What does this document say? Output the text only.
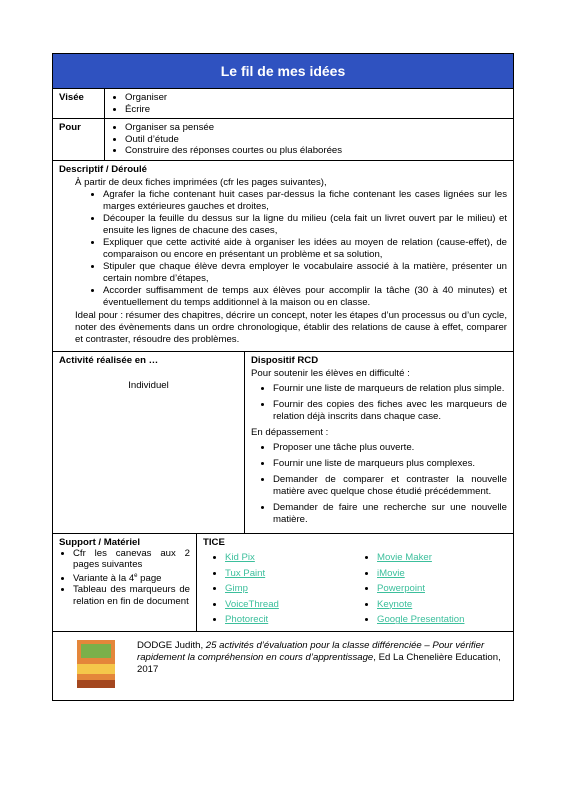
Le fil de mes idées
Visée	• Organiser
• Écrire
Pour	• Organiser sa pensée
• Outil d’étude
• Construire des réponses courtes ou plus élaborées
Descriptif / Déroulé
À partir de deux fiches imprimées (cfr les pages suivantes),
• Agrafer la fiche contenant huit cases par-dessus la fiche contenant les cases lignées sur les marges extérieures gauches et droites,
• Découper la feuille du dessus sur la ligne du milieu (cela fait un livret ouvert par le milieu) et ensuite les lignes de chacune des cases,
• Expliquer que cette activité aide à organiser les idées au moyen de relation (cause-effet), de comparaison ou encore en présentant un problème et sa solution,
• Stipuler que chaque élève devra employer le vocabulaire associé à la matière, présenter un certain nombre d’étapes,
• Accorder suffisamment de temps aux élèves pour accomplir la tâche (30 à 40 minutes) et éventuellement du temps additionnel à la maison ou en classe.
Ideal pour : résumer des chapitres, décrire un concept, noter les étapes d’un processus ou d’un cycle, noter des évènements dans un ordre chronologique, établir des relations de cause à effet, comparer et contraster, résoudre des problèmes.
Activité réalisée en …
Individuel
Dispositif RCD
Pour soutenir les élèves en difficulté :
• Fournir une liste de marqueurs de relation plus simple.
• Fournir des copies des fiches avec les marqueurs de relation déjà inscrits dans chaque case.
En dépassement :
• Proposer une tâche plus ouverte.
• Fournir une liste de marqueurs plus complexes.
• Demander de comparer et contraster la nouvelle matière avec quelque chose étudié précédemment.
• Demander de faire une recherche sur une nouvelle matière.
Support / Matériel
• Cfr les canevas aux 2 pages suivantes
• Variante à la 4e page
• Tableau des marqueurs de relation en fin de document
TICE
• Kid Pix
• Tux Paint
• Gimp
• VoiceThread
• Photorecit
• Movie Maker
• iMovie
• Powerpoint
• Keynote
• Google Presentation
DODGE Judith, 25 activités d’évaluation pour la classe différenciée – Pour vérifier rapidement la compréhension en cours d’apprentissage, Ed La Chenelière Education, 2017
